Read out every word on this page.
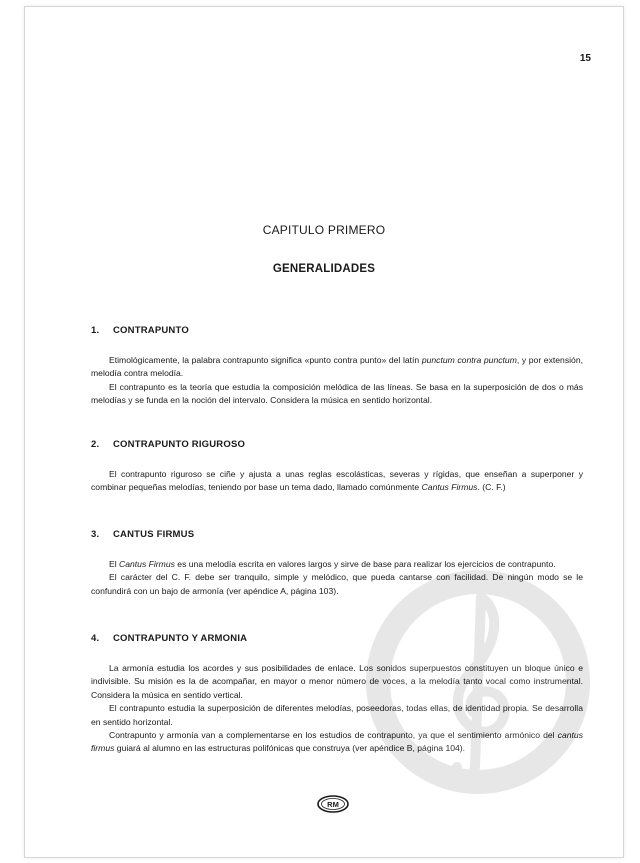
15
CAPITULO PRIMERO
GENERALIDADES
1. CONTRAPUNTO

Etimológicamente, la palabra contrapunto significa «punto contra punto» del latín punctum contra punctum, y por extensión, melodía contra melodía.

El contrapunto es la teoría que estudia la composición melódica de las líneas. Se basa en la superposición de dos o más melodías y se funda en la noción del intervalo. Considera la música en sentido horizontal.

2. CONTRAPUNTO RIGUROSO

El contrapunto riguroso se ciñe y ajusta a unas reglas escolásticas, severas y rígidas, que enseñan a superponer y combinar pequeñas melodías, teniendo por base un tema dado, llamado comúnmente Cantus Firmus. (C. F.)

3. CANTUS FIRMUS

El Cantus Firmus es una melodía escrita en valores largos y sirve de base para realizar los ejercicios de contrapunto.

El carácter del C. F. debe ser tranquilo, simple y melódico, que pueda cantarse con facilidad. De ningún modo se le confundirá con un bajo de armonía (ver apéndice A, página 103).

4. CONTRAPUNTO Y ARMONIA

La armonía estudia los acordes y sus posibilidades de enlace. Los sonidos superpuestos constituyen un bloque único e indivisible. Su misión es la de acompañar, en mayor o menor número de voces, a la melodía tanto vocal como instrumental. Considera la música en sentido vertical.

El contrapunto estudia la superposición de diferentes melodías, poseedoras, todas ellas, de identidad propia. Se desarrolla en sentido horizontal.

Contrapunto y armonía van a complementarse en los estudios de contrapunto, ya que el sentimiento armónico del cantus firmus guiará al alumno en las estructuras polifónicas que construya (ver apéndice B, página 104).

RM
